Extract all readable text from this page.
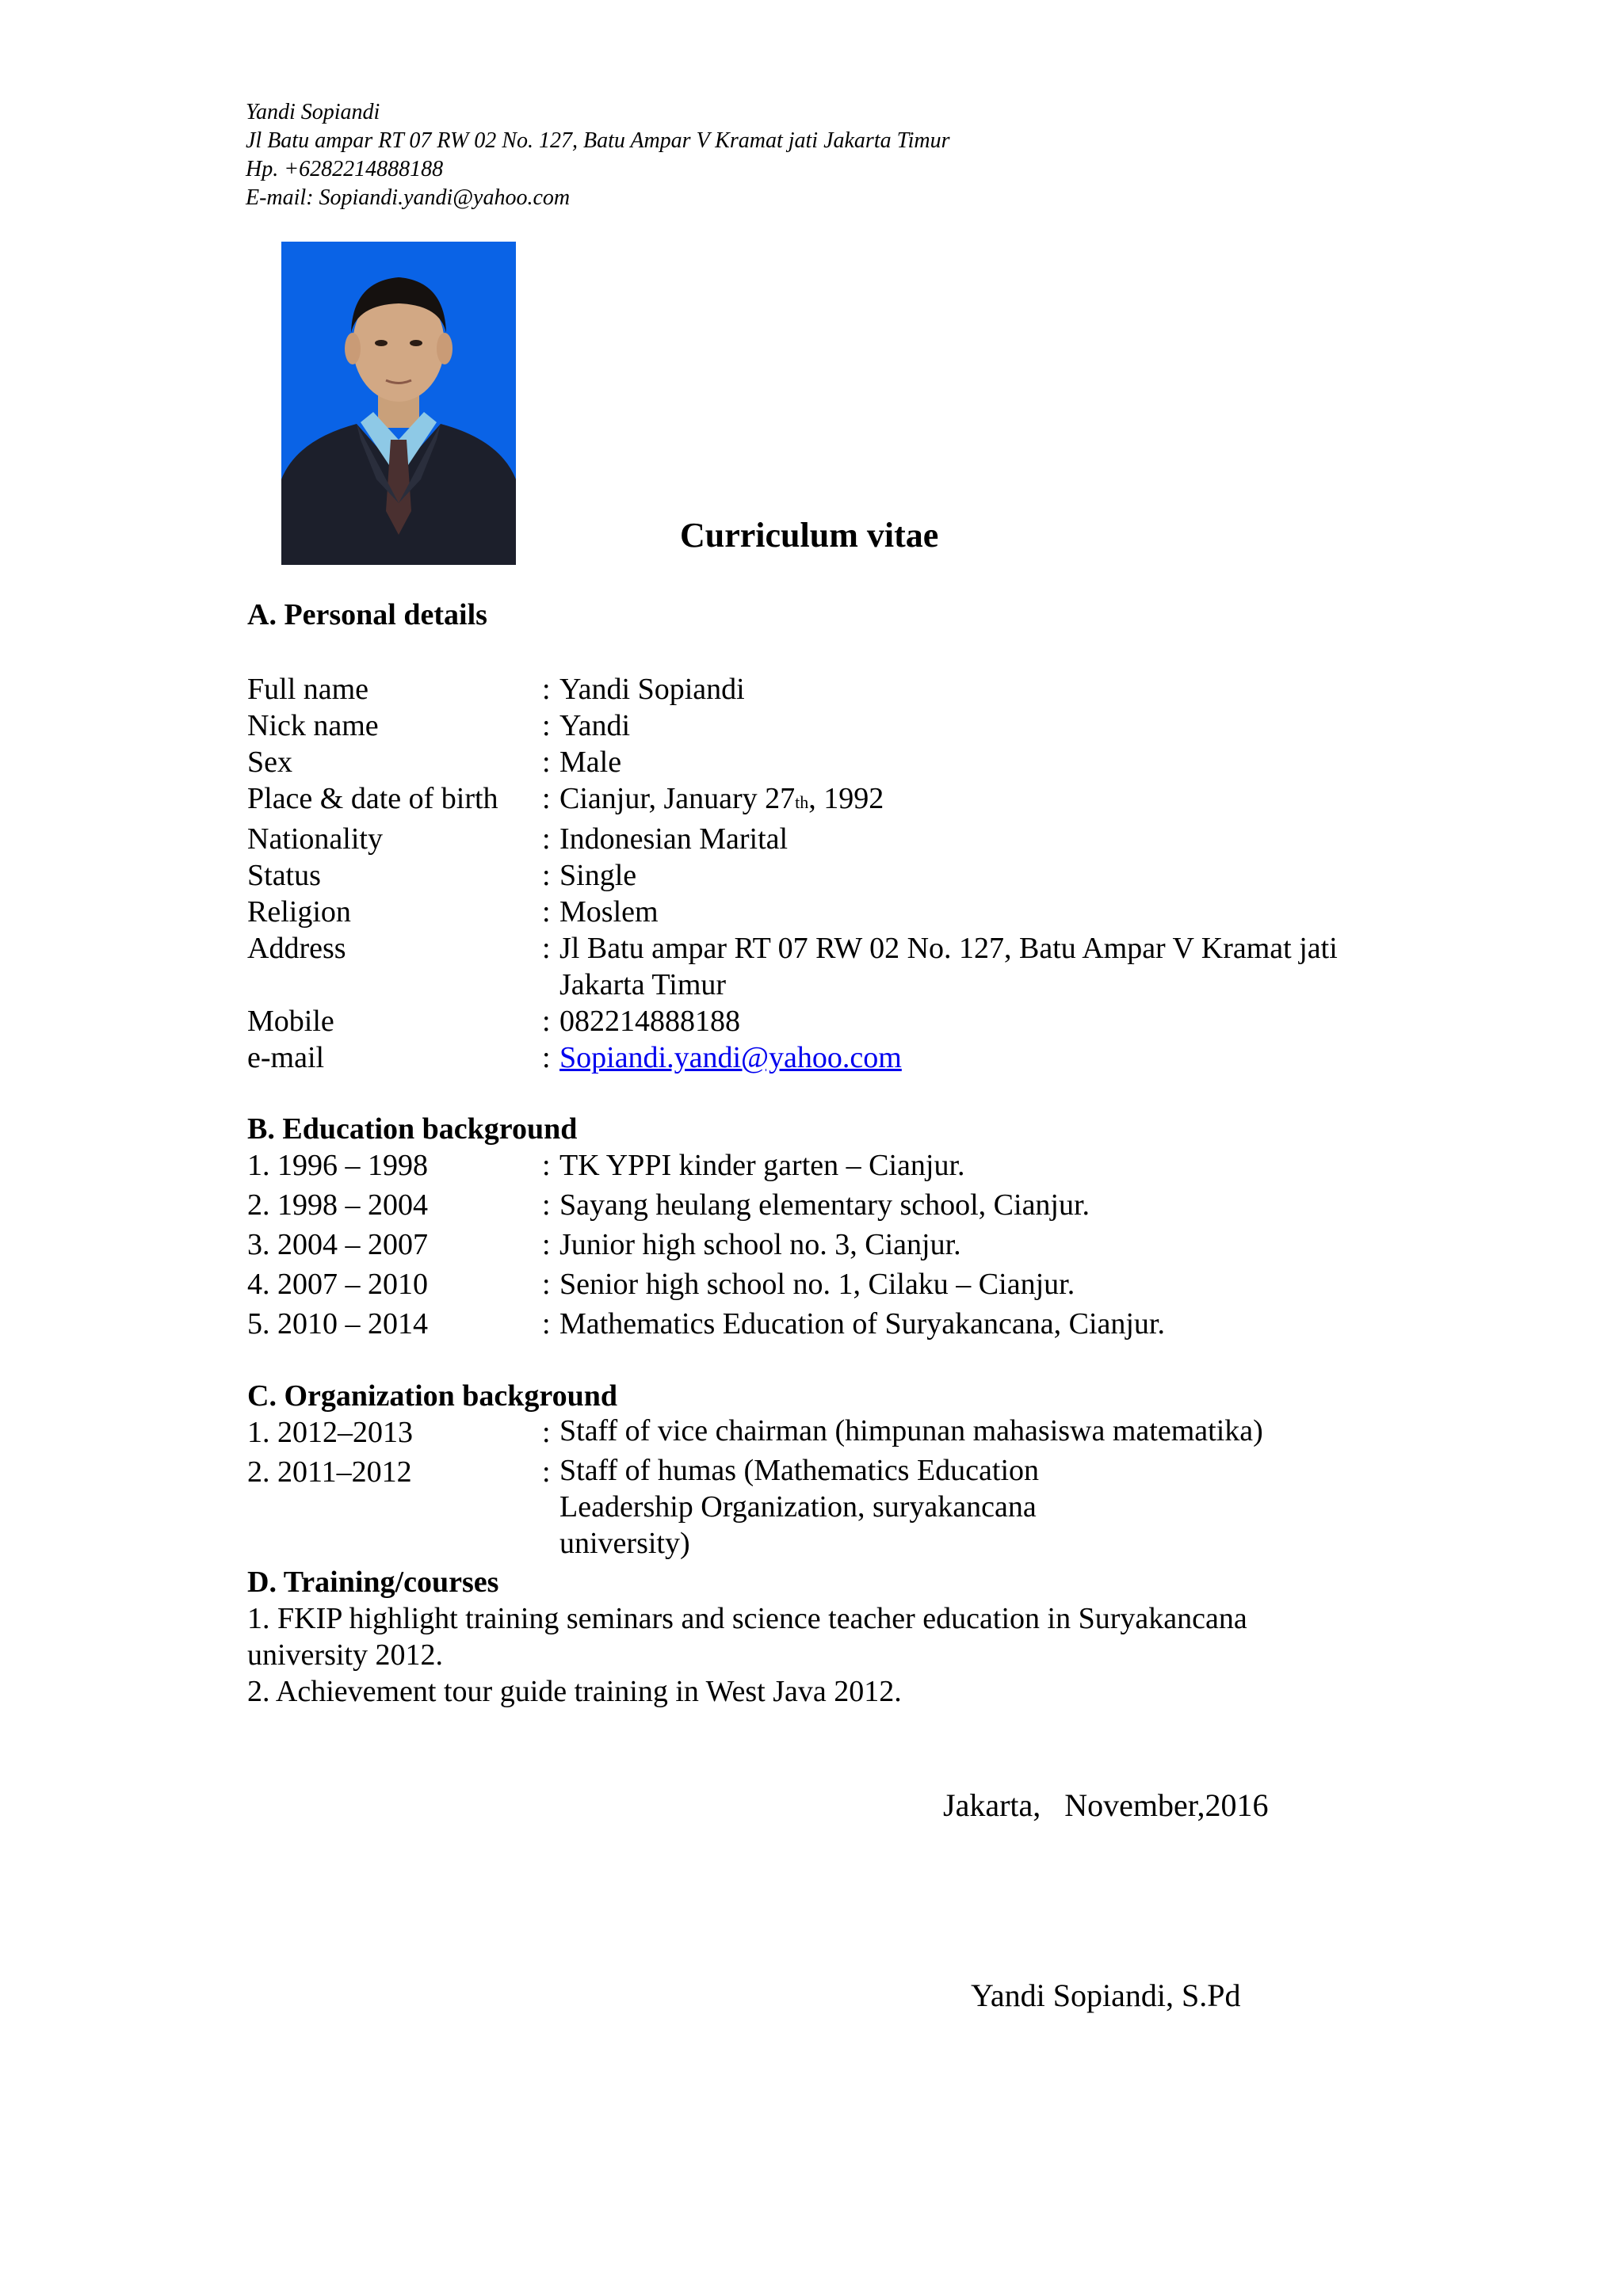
Yandi Sopiandi
Jl Batu ampar RT 07 RW 02 No. 127, Batu Ampar V Kramat jati Jakarta Timur
Hp. +6282214888188
E-mail: Sopiandi.yandi@yahoo.com
Curriculum vitae
A. Personal details
Full name	: Yandi Sopiandi
Nick name	: Yandi
Sex	: Male
Place & date of birth	: Cianjur, January 27th, 1992
Nationality	: Indonesian Marital
Status	: Single
Religion	: Moslem
Address	: Jl Batu ampar RT 07 RW 02 No. 127, Batu Ampar V Kramat jati Jakarta Timur
Mobile	: 082214888188
e-mail	: Sopiandi.yandi@yahoo.com
B. Education background
1. 1996 – 1998	: TK YPPI kinder garten – Cianjur.
2. 1998 – 2004	: Sayang heulang elementary school, Cianjur.
3. 2004 – 2007	: Junior high school no. 3, Cianjur.
4. 2007 – 2010	: Senior high school no. 1, Cilaku – Cianjur.
5. 2010 – 2014	: Mathematics Education of Suryakancana, Cianjur.
C. Organization background
1. 2012–2013	: Staff of vice chairman (himpunan mahasiswa matematika)
2. 2011–2012	: Staff of humas (Mathematics Education Leadership Organization, suryakancana university)
D. Training/courses
1. FKIP highlight training seminars and science teacher education in Suryakancana university 2012.
2. Achievement tour guide training in West Java 2012.
Jakarta,   November,2016
Yandi Sopiandi, S.Pd
